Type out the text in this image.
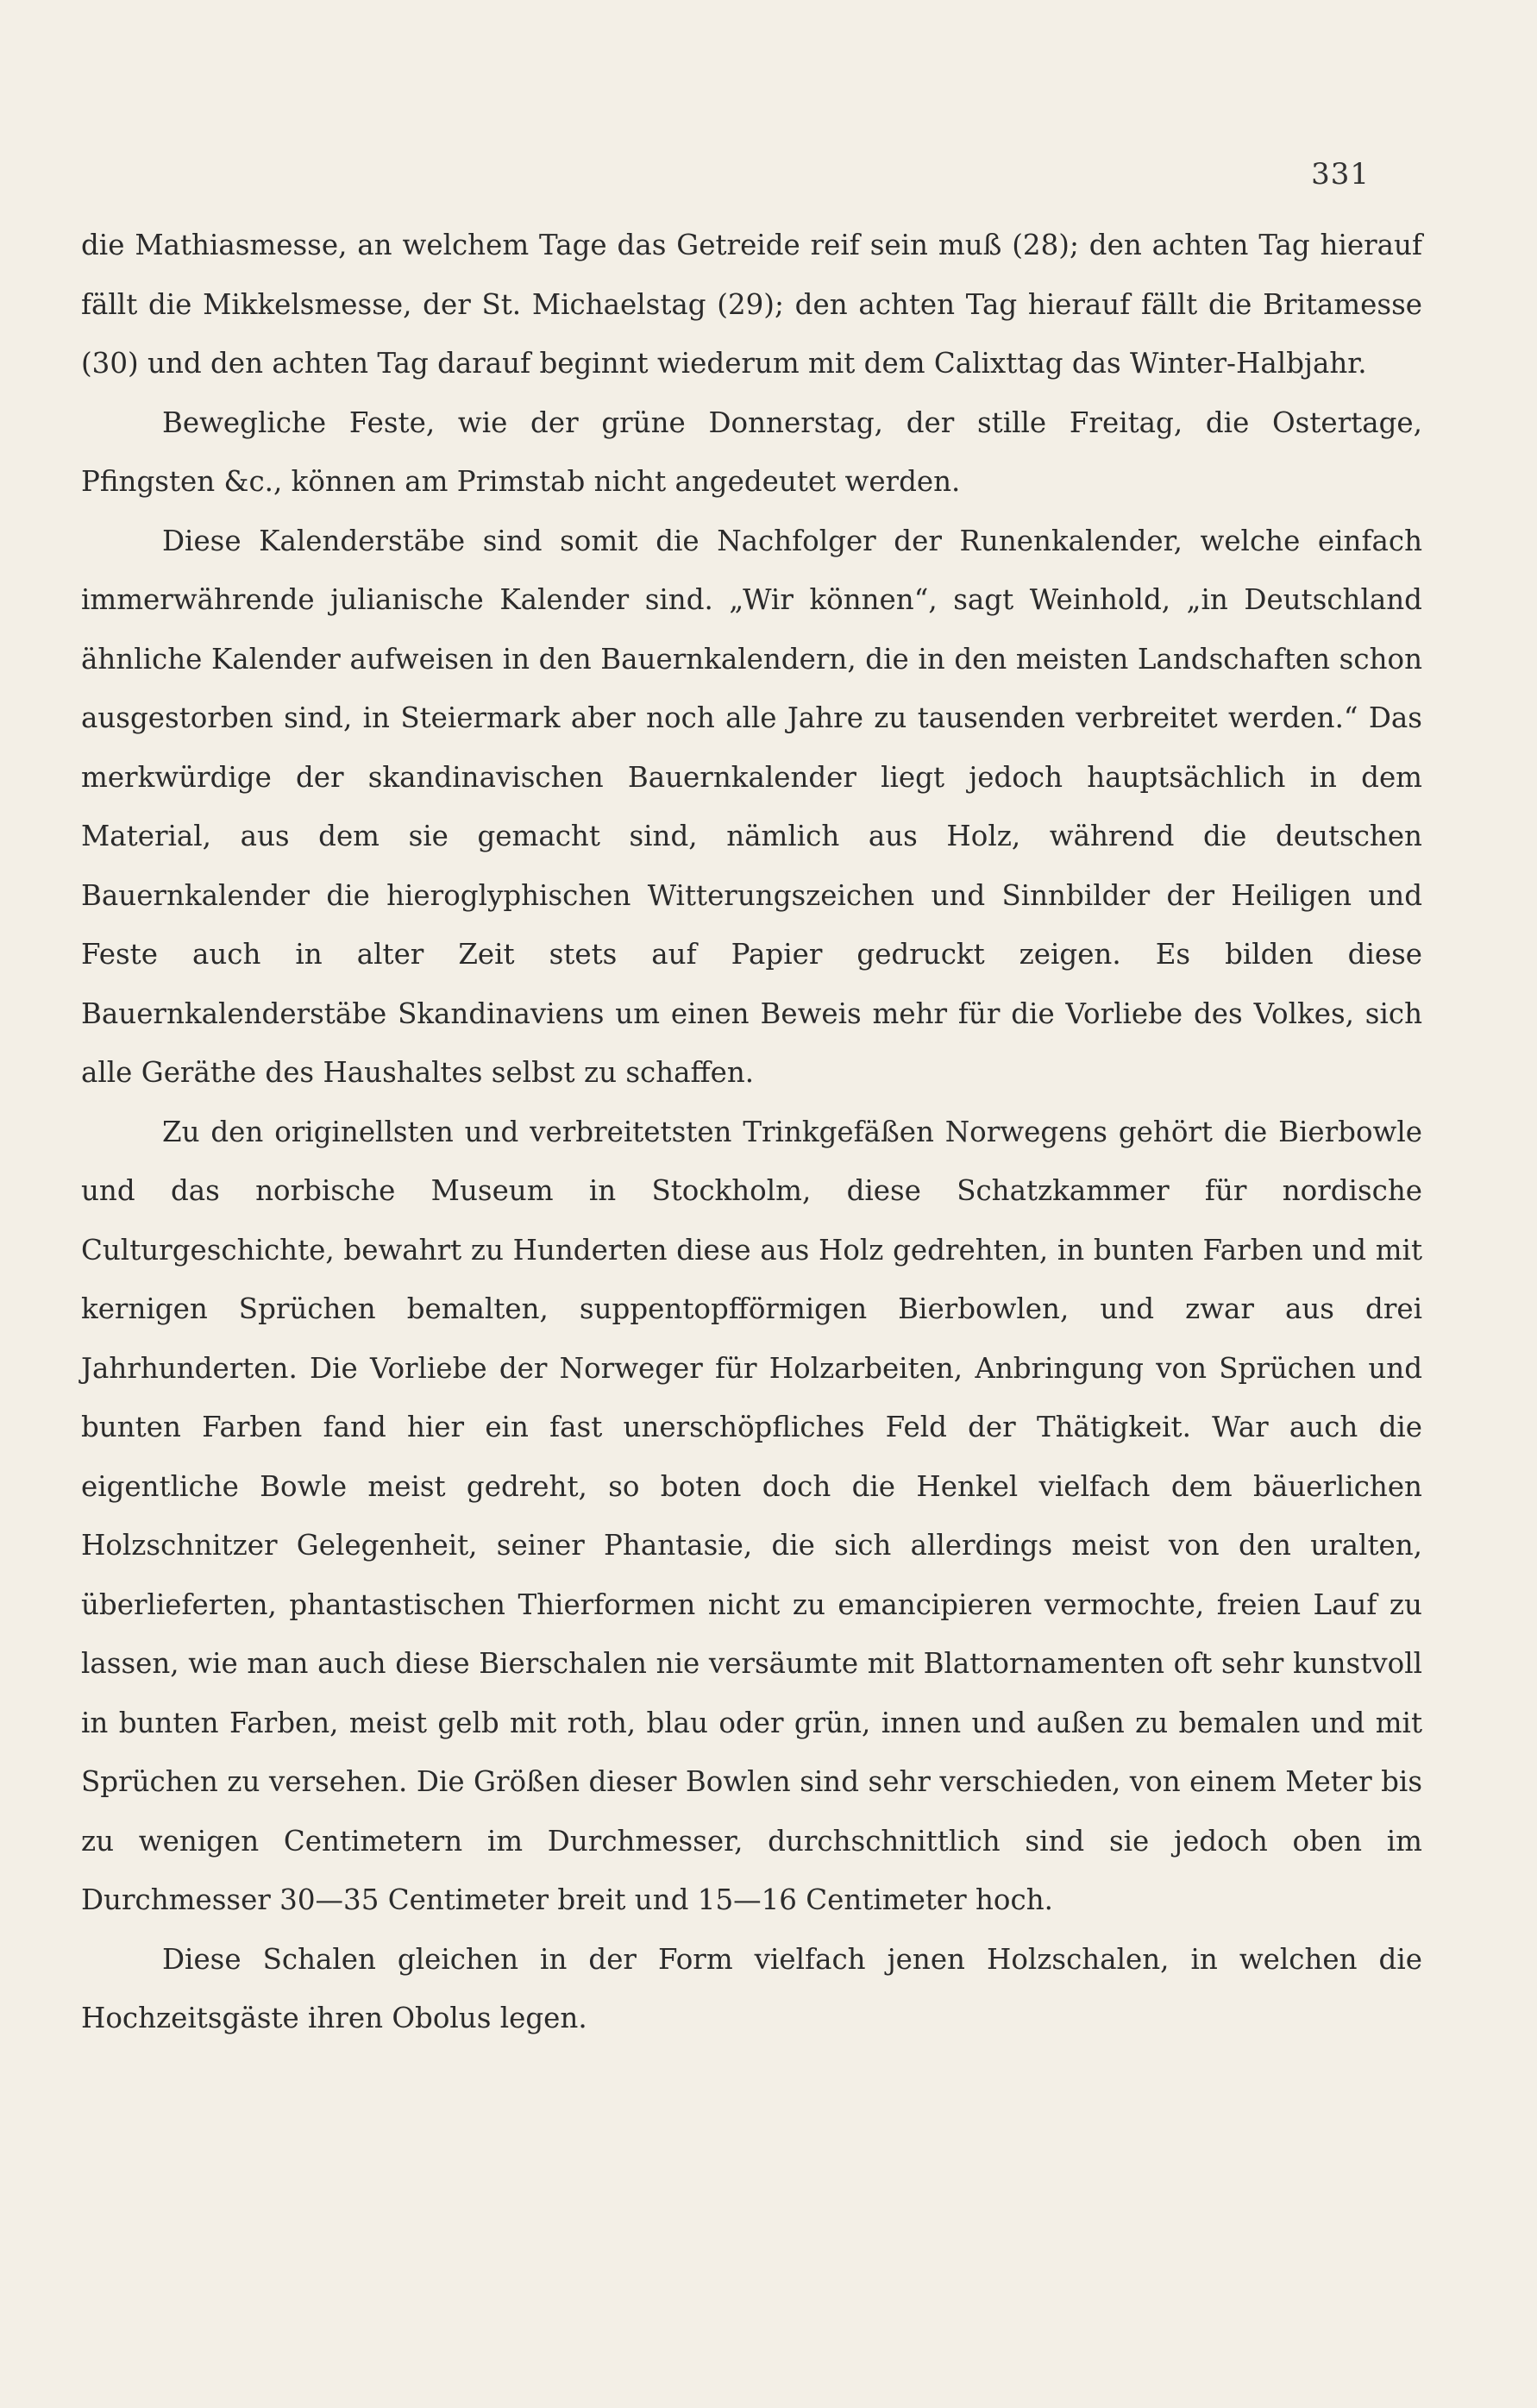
331

die Mathiasmesse, an welchem Tage das Getreide reif sein muß (28); den achten Tag hierauf fällt die Mikkelsmesse, der St. Michaelstag (29); den achten Tag hierauf fällt die Britamesse (30) und den achten Tag darauf beginnt wiederum mit dem Calixttag das Winter-Halbjahr.

Bewegliche Feste, wie der grüne Donnerstag, der stille Freitag, die Ostertage, Pfingsten &c., können am Primstab nicht angedeutet werden.

Diese Kalenderstäbe sind somit die Nachfolger der Runenkalender, welche einfach immerwährende julianische Kalender sind. „Wir können“, sagt Weinhold, „in Deutschland ähnliche Kalender aufweisen in den Bauernkalendern, die in den meisten Landschaften schon ausgestorben sind, in Steiermark aber noch alle Jahre zu tausenden verbreitet werden.“ Das merkwürdige der skandinavischen Bauernkalender liegt jedoch hauptsächlich in dem Material, aus dem sie gemacht sind, nämlich aus Holz, während die deutschen Bauernkalender die hieroglyphischen Witterungszeichen und Sinnbilder der Heiligen und Feste auch in alter Zeit stets auf Papier gedruckt zeigen. Es bilden diese Bauernkalenderstäbe Skandinaviens um einen Beweis mehr für die Vorliebe des Volkes, sich alle Geräthe des Haushaltes selbst zu schaffen.

Zu den originellsten und verbreitetsten Trinkgefäßen Norwegens gehört die Bierbowle und das norbische Museum in Stockholm, diese Schatzkammer für nordische Culturgeschichte, bewahrt zu Hunderten diese aus Holz gedrehten, in bunten Farben und mit kernigen Sprüchen bemalten, suppentopfförmigen Bierbowlen, und zwar aus drei Jahrhunderten. Die Vorliebe der Norweger für Holzarbeiten, Anbringung von Sprüchen und bunten Farben fand hier ein fast unerschöpfliches Feld der Thätigkeit. War auch die eigentliche Bowle meist gedreht, so boten doch die Henkel vielfach dem bäuerlichen Holzschnitzer Gelegenheit, seiner Phantasie, die sich allerdings meist von den uralten, überlieferten, phantastischen Thierformen nicht zu emancipieren vermochte, freien Lauf zu lassen, wie man auch diese Bierschalen nie versäumte mit Blattornamenten oft sehr kunstvoll in bunten Farben, meist gelb mit roth, blau oder grün, innen und außen zu bemalen und mit Sprüchen zu versehen. Die Größen dieser Bowlen sind sehr verschieden, von einem Meter bis zu wenigen Centimetern im Durchmesser, durchschnittlich sind sie jedoch oben im Durchmesser 30—35 Centimeter breit und 15—16 Centimeter hoch.

Diese Schalen gleichen in der Form vielfach jenen Holzschalen, in welchen die Hochzeitsgäste ihren Obolus legen.
